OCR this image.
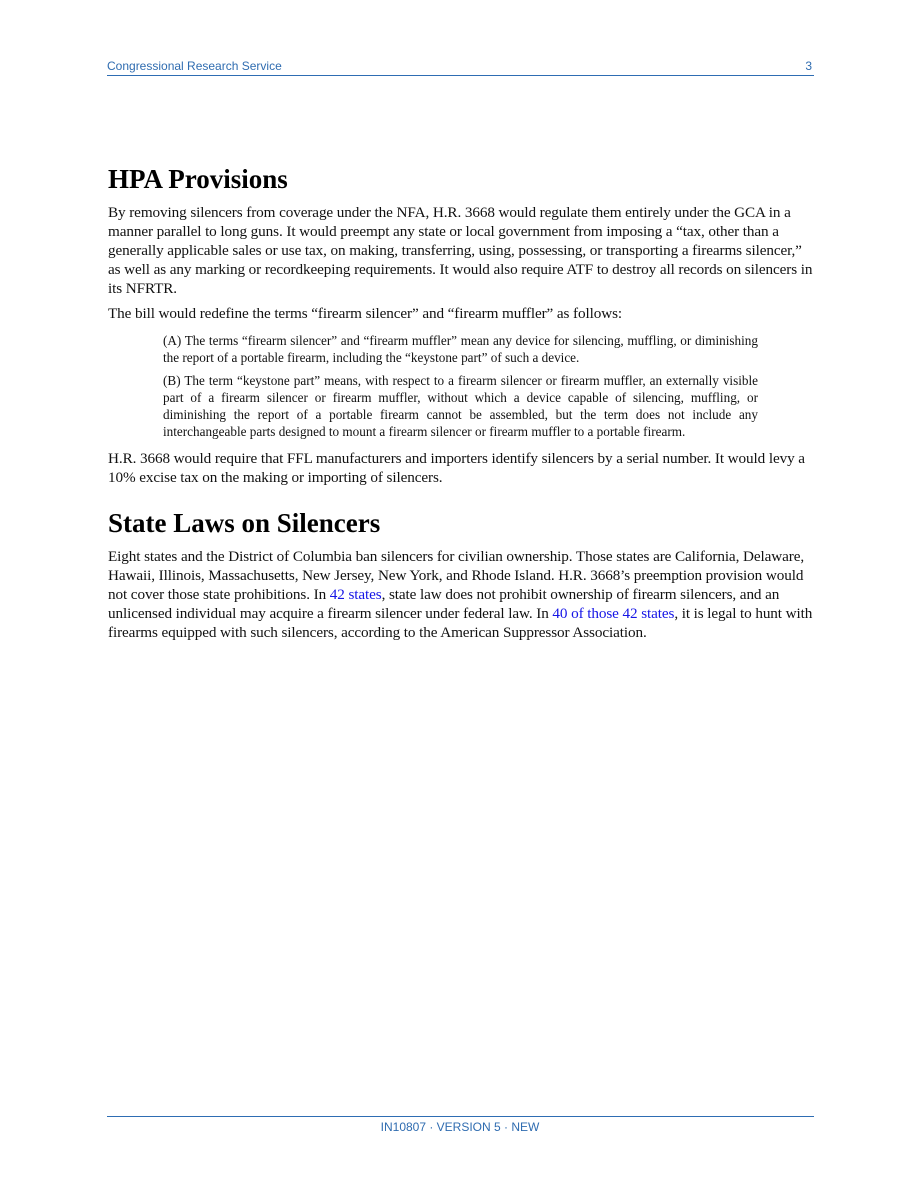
Congressional Research Service	3
HPA Provisions

By removing silencers from coverage under the NFA, H.R. 3668 would regulate them entirely under the GCA in a manner parallel to long guns. It would preempt any state or local government from imposing a “tax, other than a generally applicable sales or use tax, on making, transferring, using, possessing, or transporting a firearms silencer,” as well as any marking or recordkeeping requirements. It would also require ATF to destroy all records on silencers in its NFRTR.

The bill would redefine the terms “firearm silencer” and “firearm muffler” as follows:

(A) The terms “firearm silencer” and “firearm muffler” mean any device for silencing, muffling, or diminishing the report of a portable firearm, including the “keystone part” of such a device.

(B) The term “keystone part” means, with respect to a firearm silencer or firearm muffler, an externally visible part of a firearm silencer or firearm muffler, without which a device capable of silencing, muffling, or diminishing the report of a portable firearm cannot be assembled, but the term does not include any interchangeable parts designed to mount a firearm silencer or firearm muffler to a portable firearm.

H.R. 3668 would require that FFL manufacturers and importers identify silencers by a serial number. It would levy a 10% excise tax on the making or importing of silencers.

State Laws on Silencers

Eight states and the District of Columbia ban silencers for civilian ownership. Those states are California, Delaware, Hawaii, Illinois, Massachusetts, New Jersey, New York, and Rhode Island. H.R. 3668’s preemption provision would not cover those state prohibitions. In 42 states, state law does not prohibit ownership of firearm silencers, and an unlicensed individual may acquire a firearm silencer under federal law. In 40 of those 42 states, it is legal to hunt with firearms equipped with such silencers, according to the American Suppressor Association.

IN10807 · VERSION 5 · NEW
